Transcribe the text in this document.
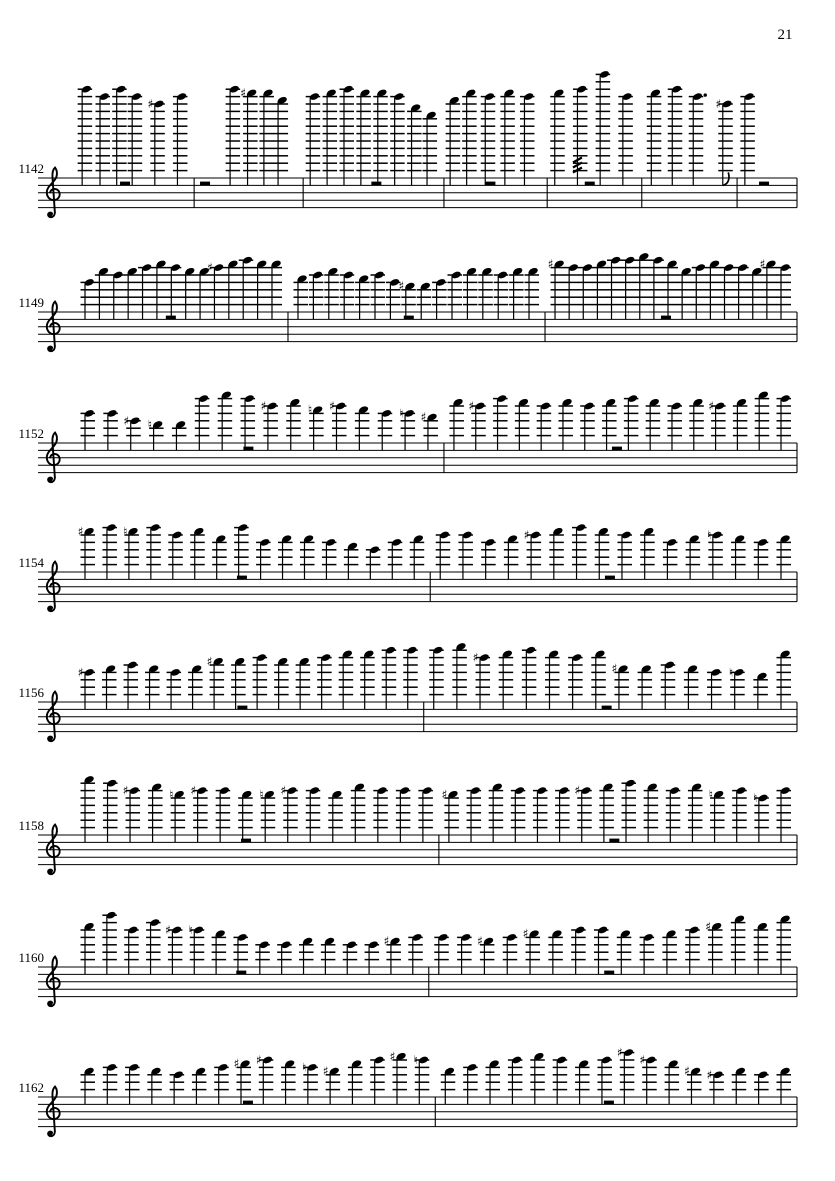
21
♯
♯
♯
♯
♯
♯	♯
♯ ♮
♯	♮ ♯
♮ ♯
♯	♯
♯	♮	♯	♮
♯
♯	♯
♯	♮
♯	♮ ♯	♮ ♯	♯	♯	♮	♮
♯ ♮
♯	♯
♯
♯
♯ ♯
♮ ♯
♯ ♮
♯
♯
♯ ♯
1142
1149
1152
1154
1156
1158
1160
1162
